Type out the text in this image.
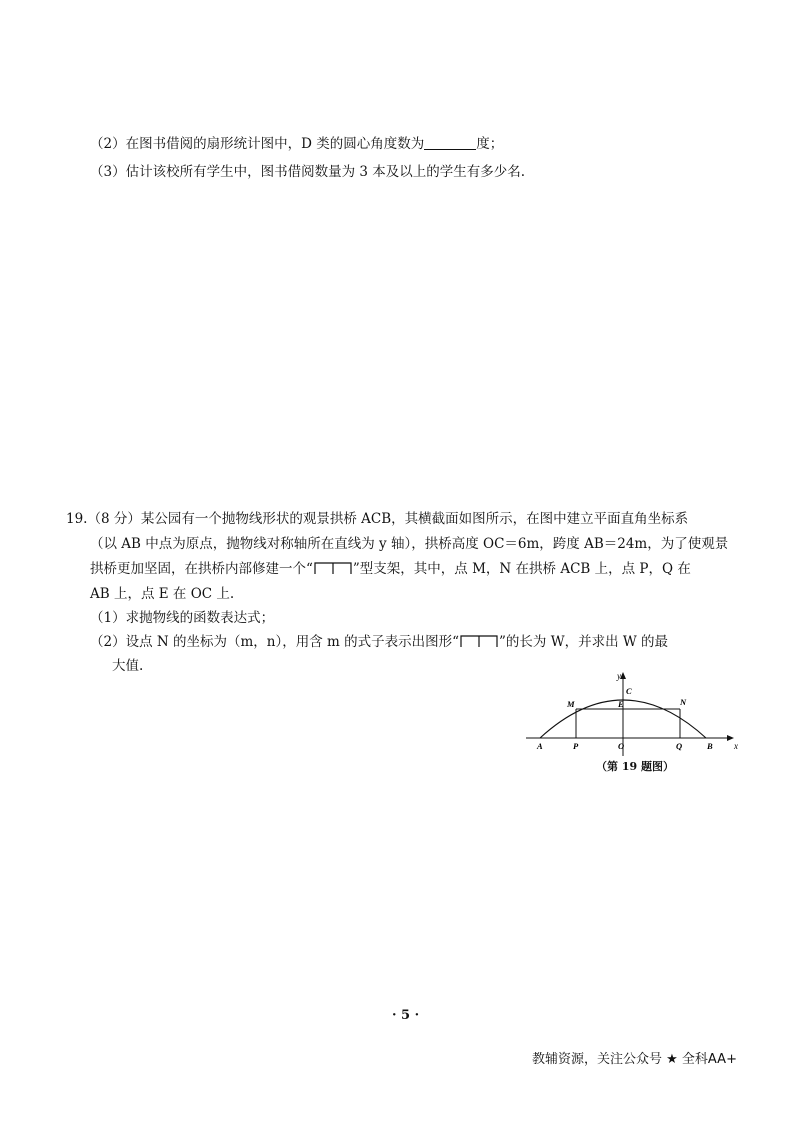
（2）在图书借阅的扇形统计图中，D 类的圆心角度数为	度；
（3）估计该校所有学生中，图书借阅数量为 3 本及以上的学生有多少名.
19.（8 分）某公园有一个抛物线形状的观景拱桥 ACB，其横截面如图所示，在图中建立平面直角坐标系
（以 AB 中点为原点，抛物线对称轴所在直线为 y 轴），拱桥高度 OC＝6m，跨度 AB＝24m，为了使观景
拱桥更加坚固，在拱桥内部修建一个“	”型支架，其中，点 M，N 在拱桥 ACB 上，点 P，Q 在
AB 上，点 E 在 OC 上.
（1）求抛物线的函数表达式；
（2）设点 N 的坐标为（m，n），用含 m 的式子表示出图形“	”的长为 W，并求出 W 的最
大值.
y
x
C
E
M	N
A	P	O	Q	B
（第 19 题图）
· 5 ·
教辅资源，关注公众号 ★ 全科AA+
